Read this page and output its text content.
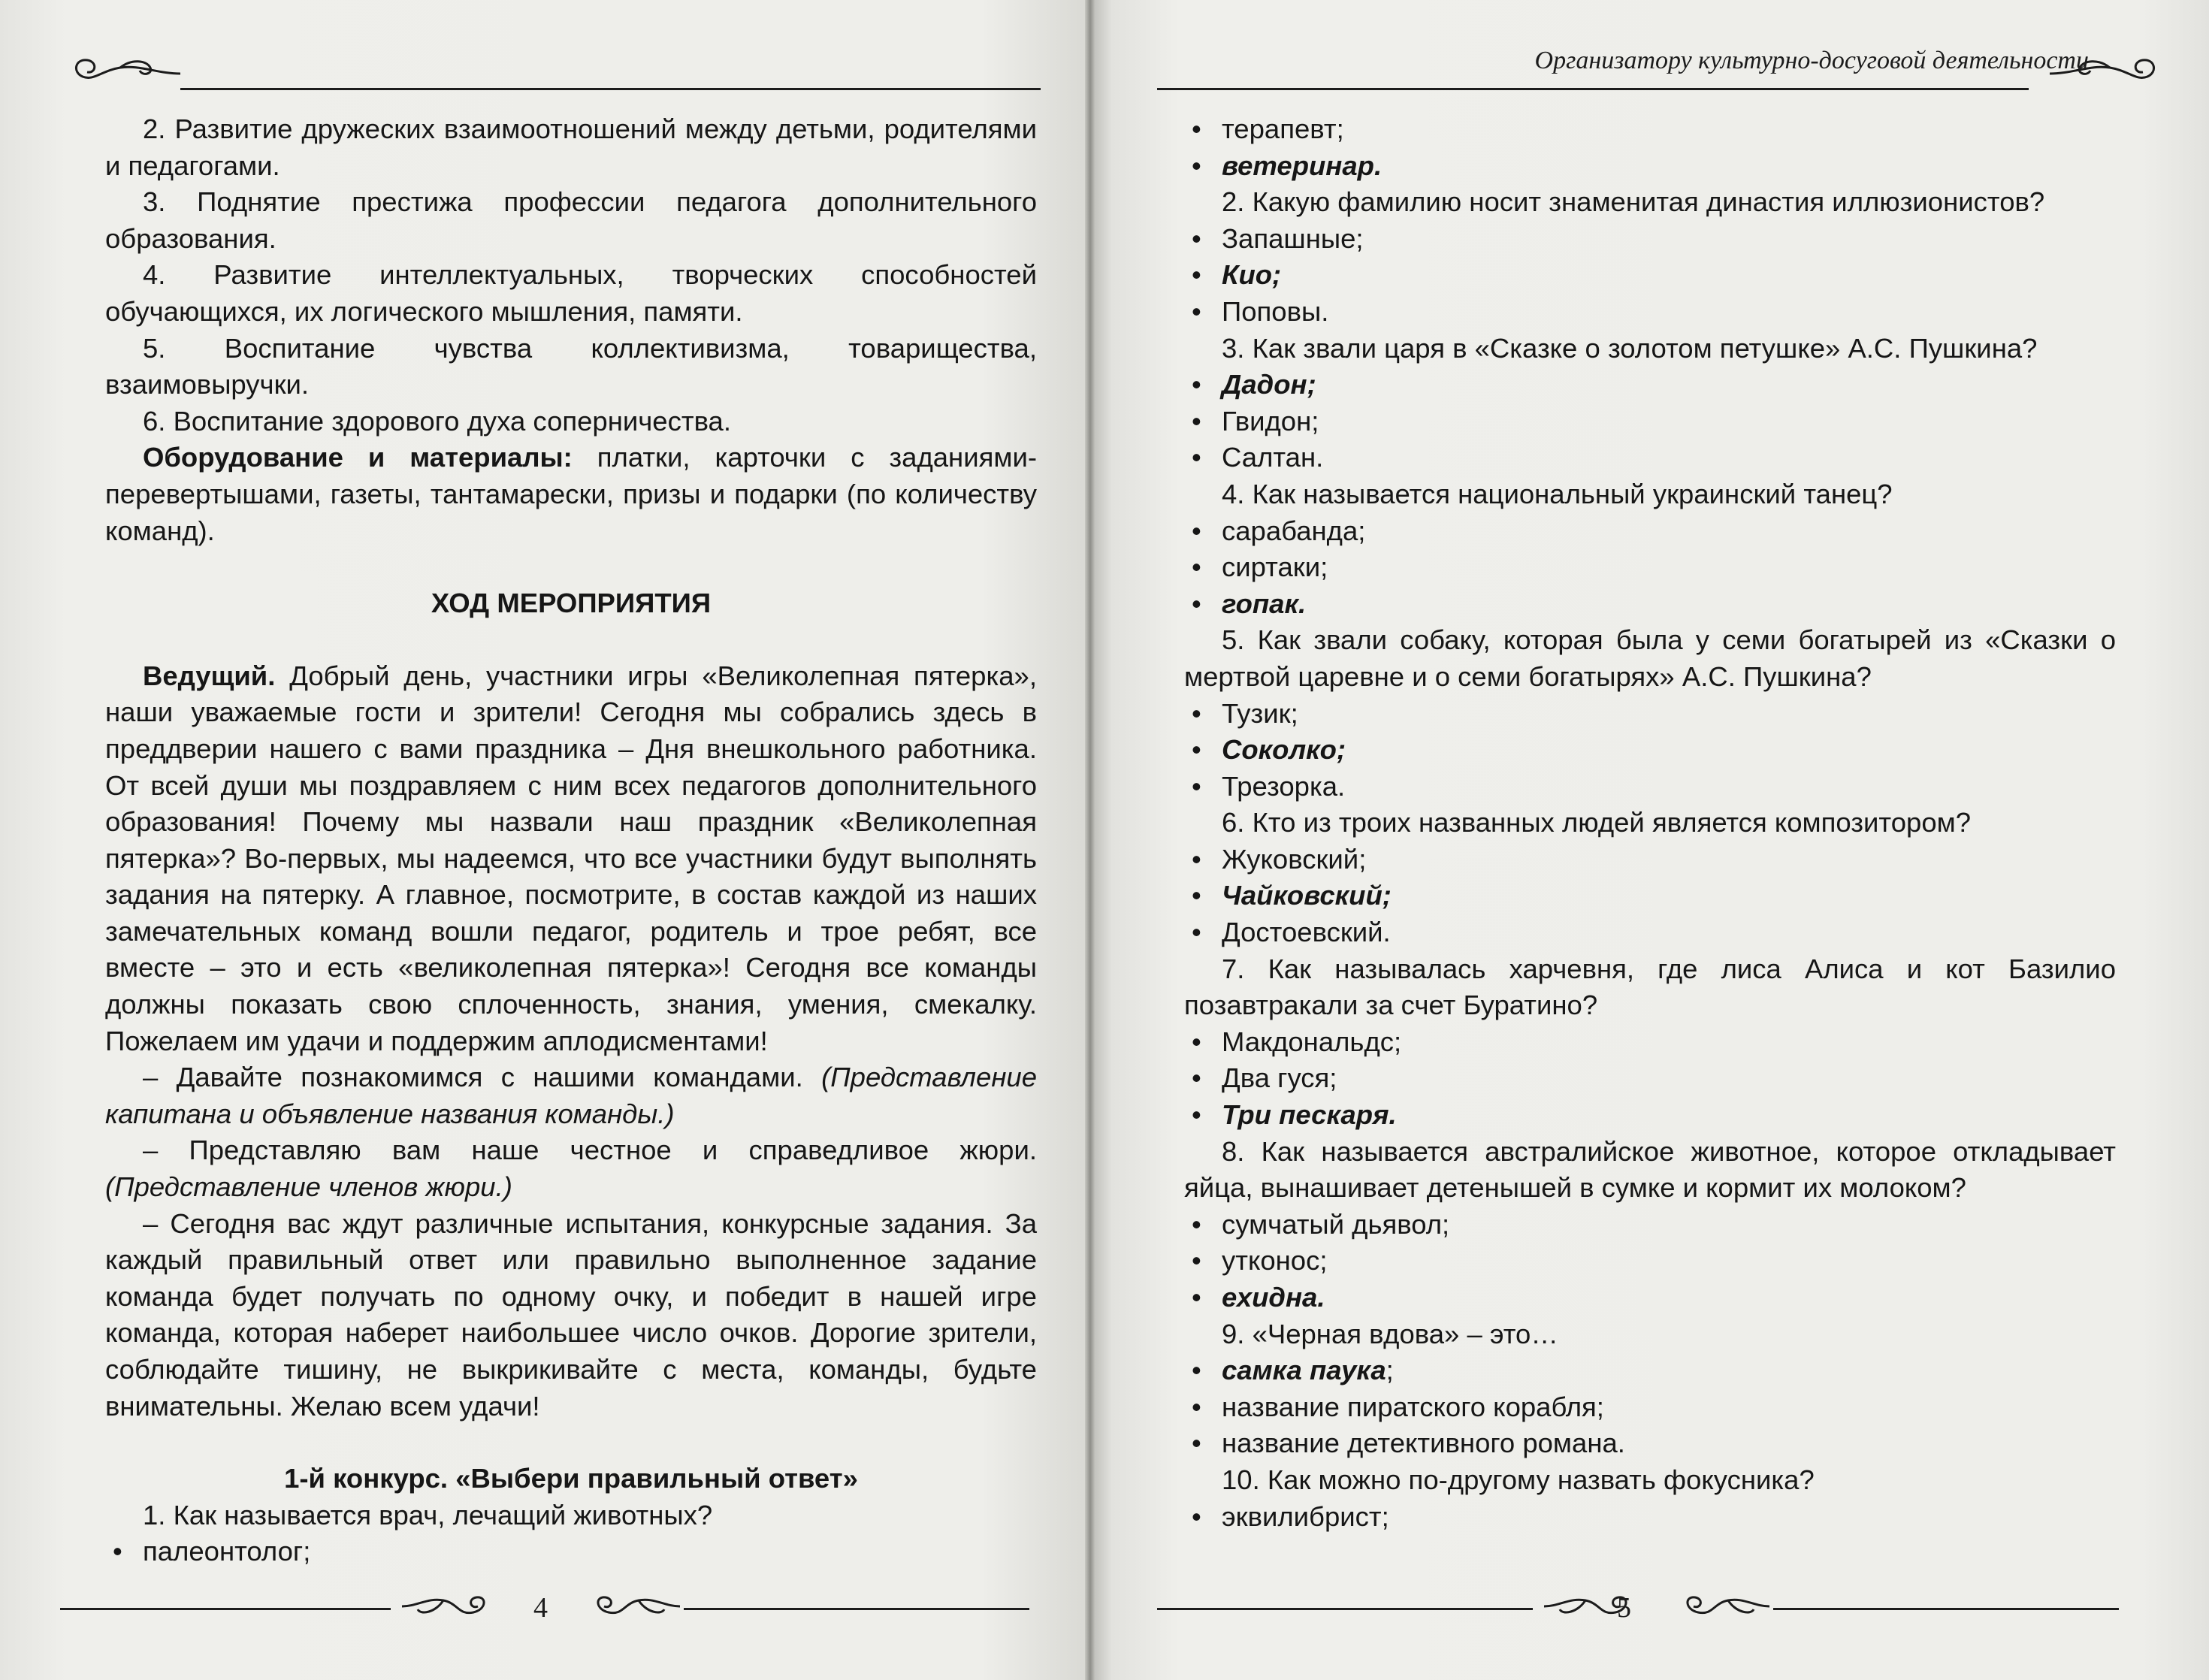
2. Развитие дружеских взаимоотношений между детьми, родителями и педагогами.

3. Поднятие престижа профессии педагога дополнительного образования.

4. Развитие интеллектуальных, творческих способностей обучающихся, их логического мышления, памяти.

5. Воспитание чувства коллективизма, товарищества, взаимовыручки.

6. Воспитание здорового духа соперничества.

Оборудование и материалы: платки, карточки с заданиями-перевертышами, газеты, тантамарески, призы и подарки (по количеству команд).

ХОД МЕРОПРИЯТИЯ

Ведущий. Добрый день, участники игры «Великолепная пятерка», наши уважаемые гости и зрители! Сегодня мы собрались здесь в преддверии нашего с вами праздника – Дня внешкольного работника. От всей души мы поздравляем с ним всех педагогов дополнительного образования! Почему мы назвали наш праздник «Великолепная пятерка»? Во-первых, мы надеемся, что все участники будут выполнять задания на пятерку. А главное, посмотрите, в состав каждой из наших замечательных команд вошли педагог, родитель и трое ребят, все вместе – это и есть «великолепная пятерка»! Сегодня все команды должны показать свою сплоченность, знания, умения, смекалку. Пожелаем им удачи и поддержим аплодисментами!

– Давайте познакомимся с нашими командами. (Представление капитана и объявление названия команды.)

– Представляю вам наше честное и справедливое жюри. (Представление членов жюри.)

– Сегодня вас ждут различные испытания, конкурсные задания. За каждый правильный ответ или правильно выполненное задание команда будет получать по одному очку, и победит в нашей игре команда, которая наберет наибольшее число очков. Дорогие зрители, соблюдайте тишину, не выкрикивайте с места, команды, будьте внимательны. Желаю всем удачи!

1-й конкурс. «Выбери правильный ответ»

1. Как называется врач, лечащий животных?

• палеонтолог;

4
Организатору культурно-досуговой деятельности

• терапевт;

• ветеринар.

2. Какую фамилию носит знаменитая династия иллюзионистов?

• Запашные;

• Кио;

• Поповы.

3. Как звали царя в «Сказке о золотом петушке» А.С. Пушкина?

• Дадон;

• Гвидон;

• Салтан.

4. Как называется национальный украинский танец?

• сарабанда;

• сиртаки;

• гопак.

5. Как звали собаку, которая была у семи богатырей из «Сказки о мертвой царевне и о семи богатырях» А.С. Пушкина?

• Тузик;

• Соколко;

• Трезорка.

6. Кто из троих названных людей является композитором?

• Жуковский;

• Чайковский;

• Достоевский.

7. Как называлась харчевня, где лиса Алиса и кот Базилио позавтракали за счет Буратино?

• Макдональдс;

• Два гуся;

• Три пескаря.

8. Как называется австралийское животное, которое откладывает яйца, вынашивает детенышей в сумке и кормит их молоком?

• сумчатый дьявол;

• утконос;

• ехидна.

9. «Черная вдова» – это…

• самка паука;

• название пиратского корабля;

• название детективного романа.

10. Как можно по-другому назвать фокусника?

• эквилибрист;

5
